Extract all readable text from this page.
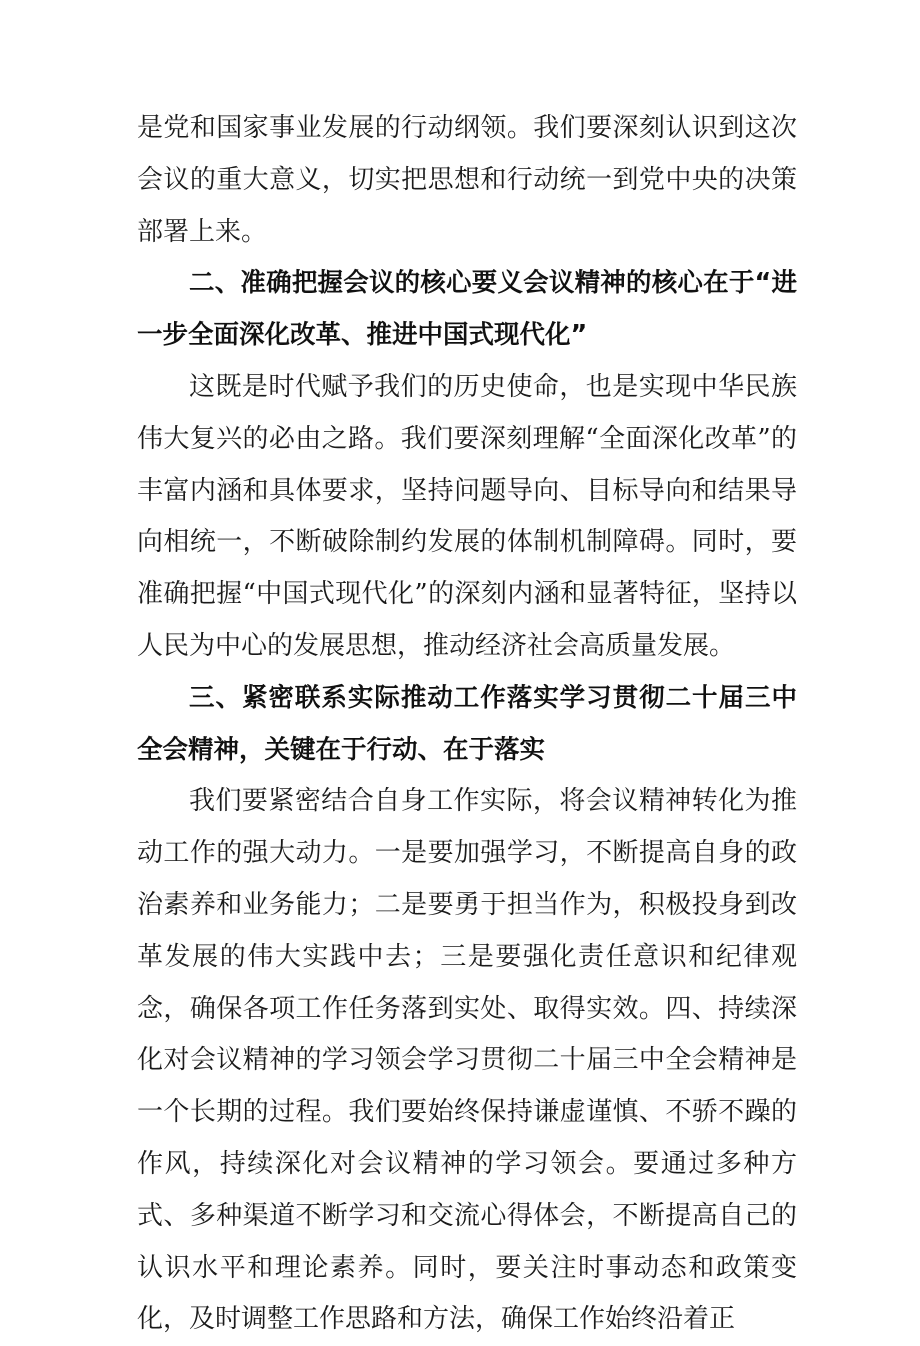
是党和国家事业发展的行动纲领。我们要深刻认识到这次会议的重大意义，切实把思想和行动统一到党中央的决策部署上来。

二、准确把握会议的核心要义会议精神的核心在于“进一步全面深化改革、推进中国式现代化”

这既是时代赋予我们的历史使命，也是实现中华民族伟大复兴的必由之路。我们要深刻理解“全面深化改革”的丰富内涵和具体要求，坚持问题导向、目标导向和结果导向相统一，不断破除制约发展的体制机制障碍。同时，要准确把握“中国式现代化”的深刻内涵和显著特征，坚持以人民为中心的发展思想，推动经济社会高质量发展。

三、紧密联系实际推动工作落实学习贯彻二十届三中全会精神，关键在于行动、在于落实

我们要紧密结合自身工作实际，将会议精神转化为推动工作的强大动力。一是要加强学习，不断提高自身的政治素养和业务能力；二是要勇于担当作为，积极投身到改革发展的伟大实践中去；三是要强化责任意识和纪律观念，确保各项工作任务落到实处、取得实效。四、持续深化对会议精神的学习领会学习贯彻二十届三中全会精神是一个长期的过程。我们要始终保持谦虚谨慎、不骄不躁的作风，持续深化对会议精神的学习领会。要通过多种方式、多种渠道不断学习和交流心得体会，不断提高自己的认识水平和理论素养。同时，要关注时事动态和政策变化，及时调整工作思路和方法，确保工作始终沿着正
